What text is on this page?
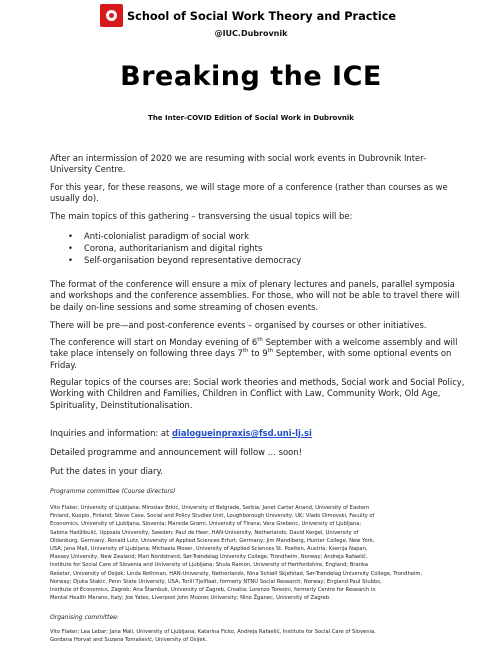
School of Social Work Theory and Practice
@IUC.Dubrovnik
Breaking the ICE
The Inter-COVID Edition of Social Work in Dubrovnik

After an intermission of 2020 we are resuming with social work events in Dubrovnik Inter-University Centre.

For this year, for these reasons, we will stage more of a conference (rather than courses as we usually do).

The main topics of this gathering – transversing the usual topics will be:

• Anti-colonialist paradigm of social work
• Corona, authoritarianism and digital rights
• Self-organisation beyond representative democracy

The format of the conference will ensure a mix of plenary lectures and panels, parallel symposia and workshops and the conference assemblies. For those, who will not be able to travel there will be daily on-line sessions and some streaming of chosen events.

There will be pre—and post-conference events – organised by courses or other initiatives.

The conference will start on Monday evening of 6th September with a welcome assembly and will take place intensely on following three days 7th to 9th September, with some optional events on Friday.

Regular topics of the courses are: Social work theories and methods, Social work and Social Policy, Working with Children and Families, Children in Conflict with Law, Community Work, Old Age, Spirituality, Deinstitutionalisation.

Inquiries and information: at dialogueinpraxis@fsd.uni-lj.si

Detailed programme and announcement will follow … soon!

Put the dates in your diary.

Programme committee (Course directors)

Vito Flaker, University of Ljubljana; Miroslav Brkić, University of Belgrade, Serbia; Janet Carter Anand, University of Eastern

Finland, Kuopio, Finland; Steve Case, Social and Policy Studies Unit, Loughborough University, UK; Vlado Dimovski, Faculty of

Economics, University of Ljubljana, Slovenia; Marsida Grami, University of Tirana; Vera Grebenc, University of Ljubljana;

Sabina Hadžibulić, Uppsala University, Sweden; Paul de Heer, HAN-University, Netherlands; David Kergel, University of

Oldenburg, Germany, Ronald Lutz, University of Applied Sciences Erfurt, Germany; Jim Mandiberg, Hunter College, New York,

USA; Jana Mali, University of Ljubljana; Michaela Moser, University of Applied Sciences St. Poelten, Austria; Ksenija Napan,

Massey University, New Zealand; Mari Nordstrand, Sør-Trøndelag University College, Trondheim, Norway; Andreja Rafaelič,

Institute for Social Care of Slovenia and University of Ljubljana; Shula Ramon, University of Hertfordshire, England; Branka

Rešetar, University of Osijek; Linda Rothman, HAN-University, Netherlands, Nina Schiøll Skjefstad, Sør-Trøndelag University College, Trondheim,

Norway; Djuka Stakic, Penn State University, USA; Torill Tjelflaat, formerly NTNU Social Research, Norway; England.Paul Stubbs,

Institute of Economics, Zagreb; Ana Štambuk, University of Zagreb, Croatia; Lorenzo Toresini, formerly Centre for Research in

Mental Health Merano, Italy; Joe Yates, Liverpool John Moores University; Nino Žganec, University of Zagreb.

Organising committee:

Vito Flaker; Lea Lebar; Jana Mali, University of Ljubljana; Katarina Ficko, Andreja Rafaelič, Institute for Social Care of Slovenia,

Gordana Horvat and Suzana Tomašević, University of Osijek.
